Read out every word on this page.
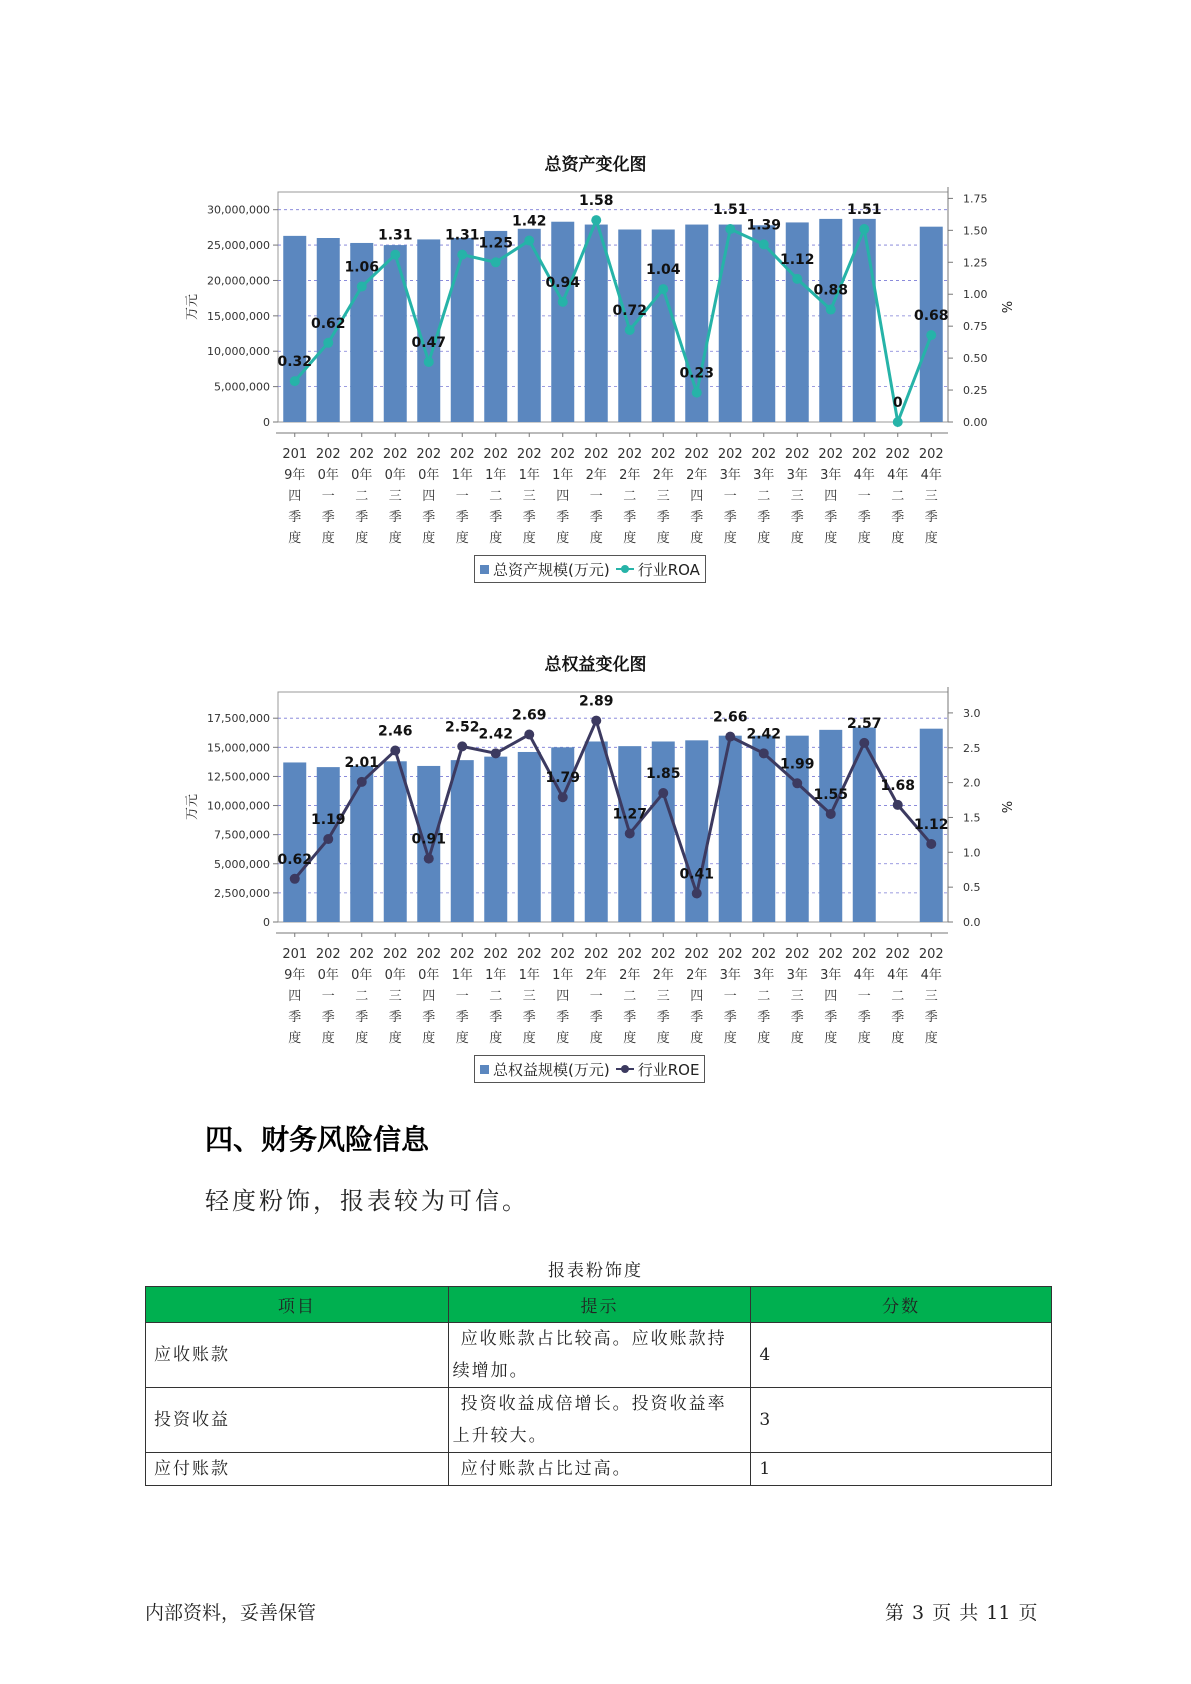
总资产变化图
0
5,000,000
10,000,000
15,000,000
20,000,000
25,000,000
30,000,000
0.00
0.25
0.50
0.75
1.00
1.25
1.50
1.75
万元	%
201
9年
四
季
度
202
0年
一
季
度
202
0年
二
季
度
202
0年
三
季
度
202
0年
四
季
度
202
1年
一
季
度
202
1年
二
季
度
202
1年
三
季
度
202
1年
四
季
度
202
2年
一
季
度
202
2年
二
季
度
202
2年
三
季
度
202
2年
四
季
度
202
3年
一
季
度
202
3年
二
季
度
202
3年
三
季
度
202
3年
四
季
度
202
4年
一
季
度
202
4年
二
季
度
202
4年
三
季
度
0.32
0.62
1.06
1.31
0.47
1.31
1.25
1.42
0.94
1.58
0.72
1.04
0.23
1.51
1.39
1.12
0.88
1.51
0
0.68
总资产规模(万元) 行业ROA
总权益变化图
0
2,500,000
5,000,000
7,500,000
10,000,000
12,500,000
15,000,000
17,500,000
0.0
0.5
1.0
1.5
2.0
2.5
3.0
万元	%
201
9年
四
季
度
202
0年
一
季
度
202
0年
二
季
度
202
0年
三
季
度
202
0年
四
季
度
202
1年
一
季
度
202
1年
二
季
度
202
1年
三
季
度
202
1年
四
季
度
202
2年
一
季
度
202
2年
二
季
度
202
2年
三
季
度
202
2年
四
季
度
202
3年
一
季
度
202
3年
二
季
度
202
3年
三
季
度
202
3年
四
季
度
202
4年
一
季
度
202
4年
二
季
度
202
4年
三
季
度
0.62
1.19
2.01
2.46
0.91
2.52
2.42
2.69
1.79
2.89
1.27
1.85
0.41
2.66
2.42
1.99
1.55
2.57
1.68
1.12
总权益规模(万元) 行业ROE
四、财务风险信息
轻度粉饰，报表较为可信。
报表粉饰度
项目	提示	分数
应收账款	应收账款占比较高。应收账款持
续增加。	4
投资收益	投资收益成倍增长。投资收益率
上升较大。	3
应付账款	应付账款占比过高。	1
内部资料，妥善保管	第 3 页 共 11 页
